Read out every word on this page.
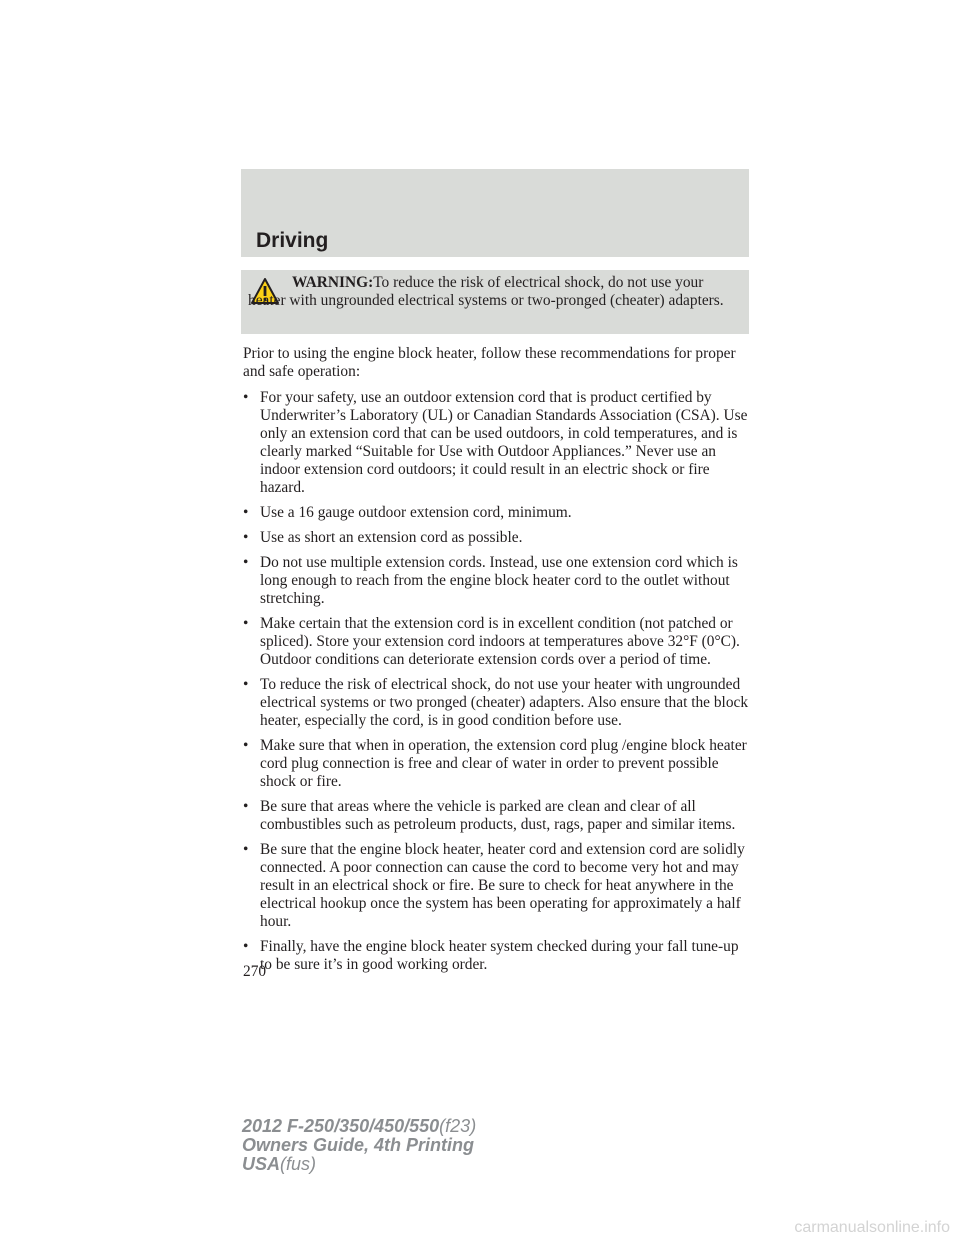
Driving

WARNING:To reduce the risk of electrical shock, do not use your heater with ungrounded electrical systems or two-pronged (cheater) adapters.

Prior to using the engine block heater, follow these recommendations for proper and safe operation:

• For your safety, use an outdoor extension cord that is product certified by Underwriter’s Laboratory (UL) or Canadian Standards Association (CSA). Use only an extension cord that can be used outdoors, in cold temperatures, and is clearly marked “Suitable for Use with Outdoor Appliances.” Never use an indoor extension cord outdoors; it could result in an electric shock or fire hazard.
• Use a 16 gauge outdoor extension cord, minimum.
• Use as short an extension cord as possible.
• Do not use multiple extension cords. Instead, use one extension cord which is long enough to reach from the engine block heater cord to the outlet without stretching.
• Make certain that the extension cord is in excellent condition (not patched or spliced). Store your extension cord indoors at temperatures above 32°F (0°C). Outdoor conditions can deteriorate extension cords over a period of time.
• To reduce the risk of electrical shock, do not use your heater with ungrounded electrical systems or two pronged (cheater) adapters. Also ensure that the block heater, especially the cord, is in good condition before use.
• Make sure that when in operation, the extension cord plug /engine block heater cord plug connection is free and clear of water in order to prevent possible shock or fire.
• Be sure that areas where the vehicle is parked are clean and clear of all combustibles such as petroleum products, dust, rags, paper and similar items.
• Be sure that the engine block heater, heater cord and extension cord are solidly connected. A poor connection can cause the cord to become very hot and may result in an electrical shock or fire. Be sure to check for heat anywhere in the electrical hookup once the system has been operating for approximately a half hour.
• Finally, have the engine block heater system checked during your fall tune-up to be sure it’s in good working order.
270
2012 F-250/350/450/550(f23)
Owners Guide, 4th Printing
USA(fus)
carmanualsonline.info
